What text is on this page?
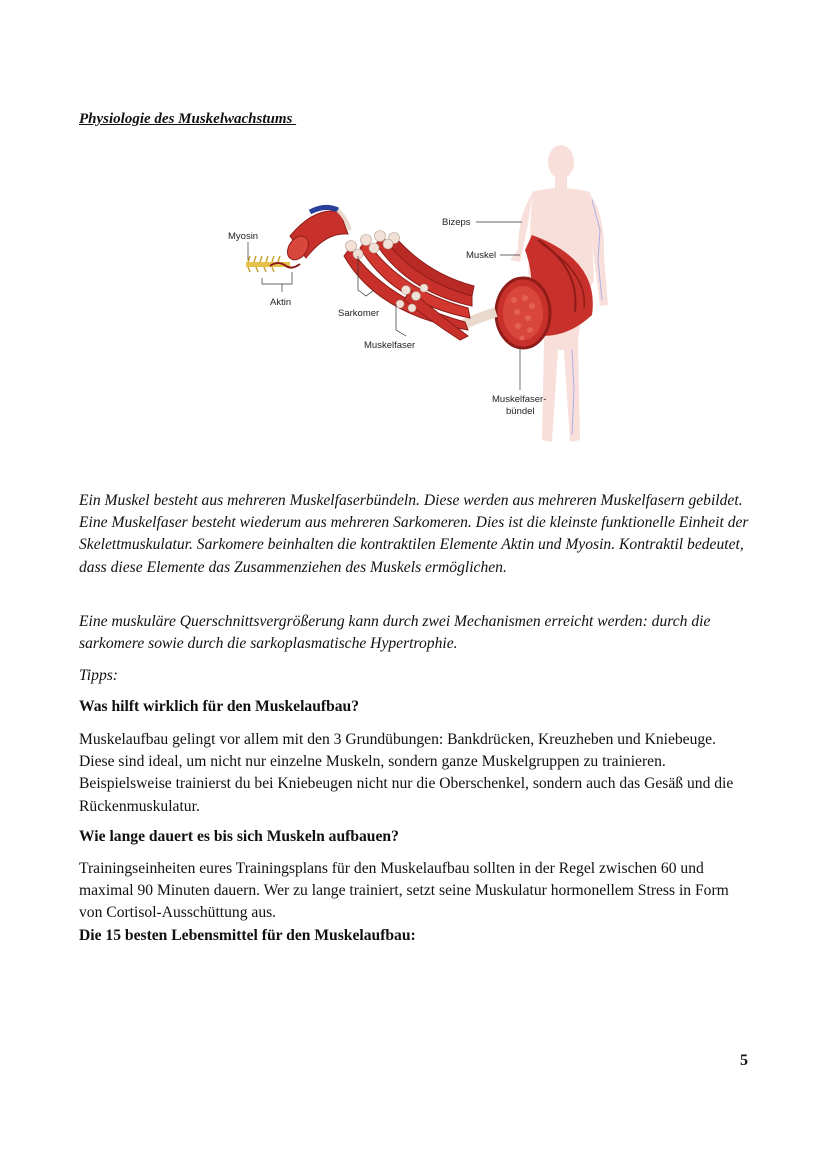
Physiologie des Muskelwachstums
Myosin
Aktin
Sarkomer
Muskelfaser
Bizeps
Muskel
Muskelfaser-
bündel

Ein Muskel besteht aus mehreren Muskelfaserbündeln. Diese werden aus mehreren Muskelfasern gebildet. Eine Muskelfaser besteht wiederum aus mehreren Sarkomeren. Dies ist die kleinste funktionelle Einheit der Skelettmuskulatur. Sarkomere beinhalten die kontraktilen Elemente Aktin und Myosin. Kontraktil bedeutet, dass diese Elemente das Zusammenziehen des Muskels ermöglichen.

Eine muskuläre Querschnittsvergrößerung kann durch zwei Mechanismen erreicht werden: durch die sarkomere sowie durch die sarkoplasmatische Hypertrophie.

Tipps:

Was hilft wirklich für den Muskelaufbau?

Muskelaufbau gelingt vor allem mit den 3 Grundübungen: Bankdrücken, Kreuzheben und Kniebeuge. Diese sind ideal, um nicht nur einzelne Muskeln, sondern ganze Muskelgruppen zu trainieren. Beispielsweise trainierst du bei Kniebeugen nicht nur die Oberschenkel, sondern auch das Gesäß und die Rückenmuskulatur.

Wie lange dauert es bis sich Muskeln aufbauen?

Trainingseinheiten eures Trainingsplans für den Muskelaufbau sollten in der Regel zwischen 60 und maximal 90 Minuten dauern. Wer zu lange trainiert, setzt seine Muskulatur hormonellem Stress in Form von Cortisol-Ausschüttung aus.

Die 15 besten Lebensmittel für den Muskelaufbau:

5
